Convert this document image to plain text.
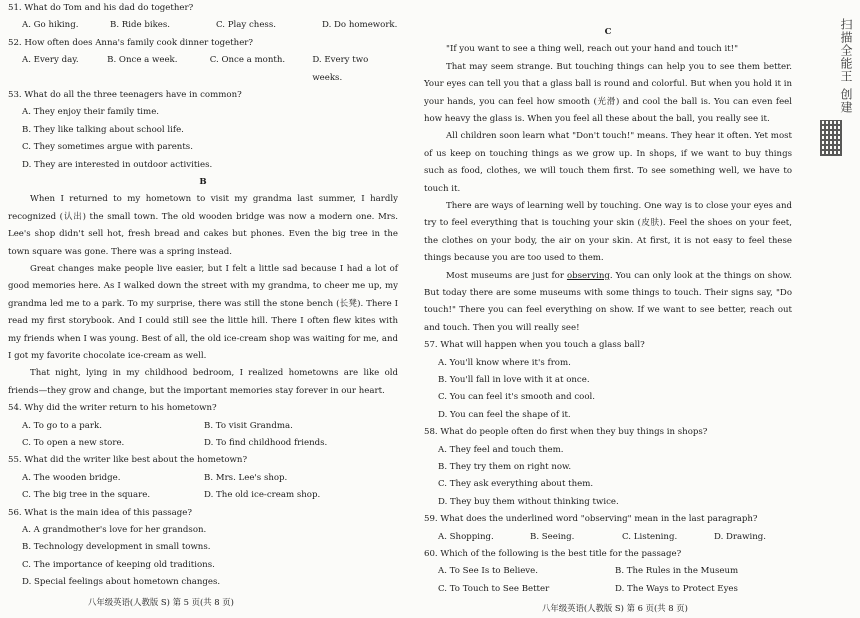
51. What do Tom and his dad do together?
A. Go hiking.	B. Ride bikes.	C. Play chess.	D. Do homework.
52. How often does Anna's family cook dinner together?
A. Every day.	B. Once a week.	C. Once a month.	D. Every two weeks.
53. What do all the three teenagers have in common?
A. They enjoy their family time.
B. They like talking about school life.
C. They sometimes argue with parents.
D. They are interested in outdoor activities.
B

When I returned to my hometown to visit my grandma last summer, I hardly recognized (认出) the small town. The old wooden bridge was now a modern one. Mrs. Lee's shop didn't sell hot, fresh bread and cakes but phones. Even the big tree in the town square was gone. There was a spring instead.

Great changes make people live easier, but I felt a little sad because I had a lot of good memories here. As I walked down the street with my grandma, to cheer me up, my grandma led me to a park. To my surprise, there was still the stone bench (长凳). There I read my first storybook. And I could still see the little hill. There I often flew kites with my friends when I was young. Best of all, the old ice-cream shop was waiting for me, and I got my favorite chocolate ice-cream as well.

That night, lying in my childhood bedroom, I realized hometowns are like old friends—they grow and change, but the important memories stay forever in our heart.

54. Why did the writer return to his hometown?
A. To go to a park.	B. To visit Grandma.
C. To open a new store.	D. To find childhood friends.
55. What did the writer like best about the hometown?
A. The wooden bridge.	B. Mrs. Lee's shop.
C. The big tree in the square.	D. The old ice-cream shop.
56. What is the main idea of this passage?
A. A grandmother's love for her grandson.
B. Technology development in small towns.
C. The importance of keeping old traditions.
D. Special feelings about hometown changes.
八年级英语(人教版 S) 第 5 页(共 8 页)
C

"If you want to see a thing well, reach out your hand and touch it!"

That may seem strange. But touching things can help you to see them better. Your eyes can tell you that a glass ball is round and colorful. But when you hold it in your hands, you can feel how smooth (光滑) and cool the ball is. You can even feel how heavy the glass is. When you feel all these about the ball, you really see it.

All children soon learn what "Don't touch!" means. They hear it often. Yet most of us keep on touching things as we grow up. In shops, if we want to buy things such as food, clothes, we will touch them first. To see something well, we have to touch it.

There are ways of learning well by touching. One way is to close your eyes and try to feel everything that is touching your skin (皮肤). Feel the shoes on your feet, the clothes on your body, the air on your skin. At first, it is not easy to feel these things because you are too used to them.

Most museums are just for observing. You can only look at the things on show. But today there are some museums with some things to touch. Their signs say, "Do touch!" There you can feel everything on show. If we want to see better, reach out and touch. Then you will really see!

57. What will happen when you touch a glass ball?
A. You'll know where it's from.
B. You'll fall in love with it at once.
C. You can feel it's smooth and cool.
D. You can feel the shape of it.
58. What do people often do first when they buy things in shops?
A. They feel and touch them.
B. They try them on right now.
C. They ask everything about them.
D. They buy them without thinking twice.
59. What does the underlined word "observing" mean in the last paragraph?
A. Shopping.	B. Seeing.	C. Listening.	D. Drawing.
60. Which of the following is the best title for the passage?
A. To See Is to Believe.	B. The Rules in the Museum
C. To Touch to See Better	D. The Ways to Protect Eyes
八年级英语(人教版 S) 第 6 页(共 8 页)
扫描全能王 创建
